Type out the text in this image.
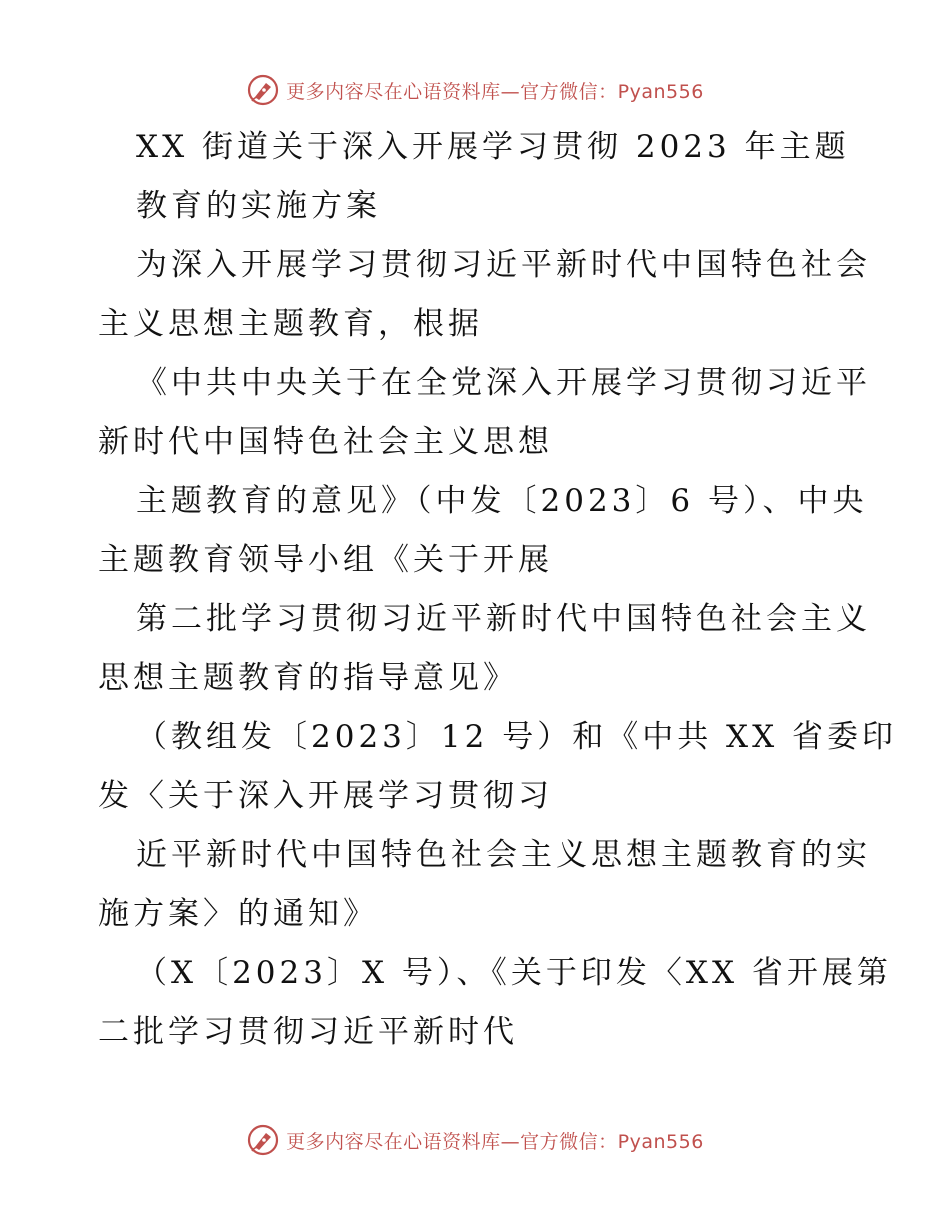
更多内容尽在心语资料库—官方微信：Pyan556
XX 街道关于深入开展学习贯彻 2023 年主题
教育的实施方案
为深入开展学习贯彻习近平新时代中国特色社会
主义思想主题教育，根据
《中共中央关于在全党深入开展学习贯彻习近平
新时代中国特色社会主义思想
主题教育的意见》（中发〔2023〕6 号）、中央
主题教育领导小组《关于开展
第二批学习贯彻习近平新时代中国特色社会主义
思想主题教育的指导意见》
（教组发〔2023〕12 号）和《中共 XX 省委印
发〈关于深入开展学习贯彻习
近平新时代中国特色社会主义思想主题教育的实
施方案〉的通知》
（X〔2023〕X 号）、《关于印发〈XX 省开展第
二批学习贯彻习近平新时代
更多内容尽在心语资料库—官方微信：Pyan556
